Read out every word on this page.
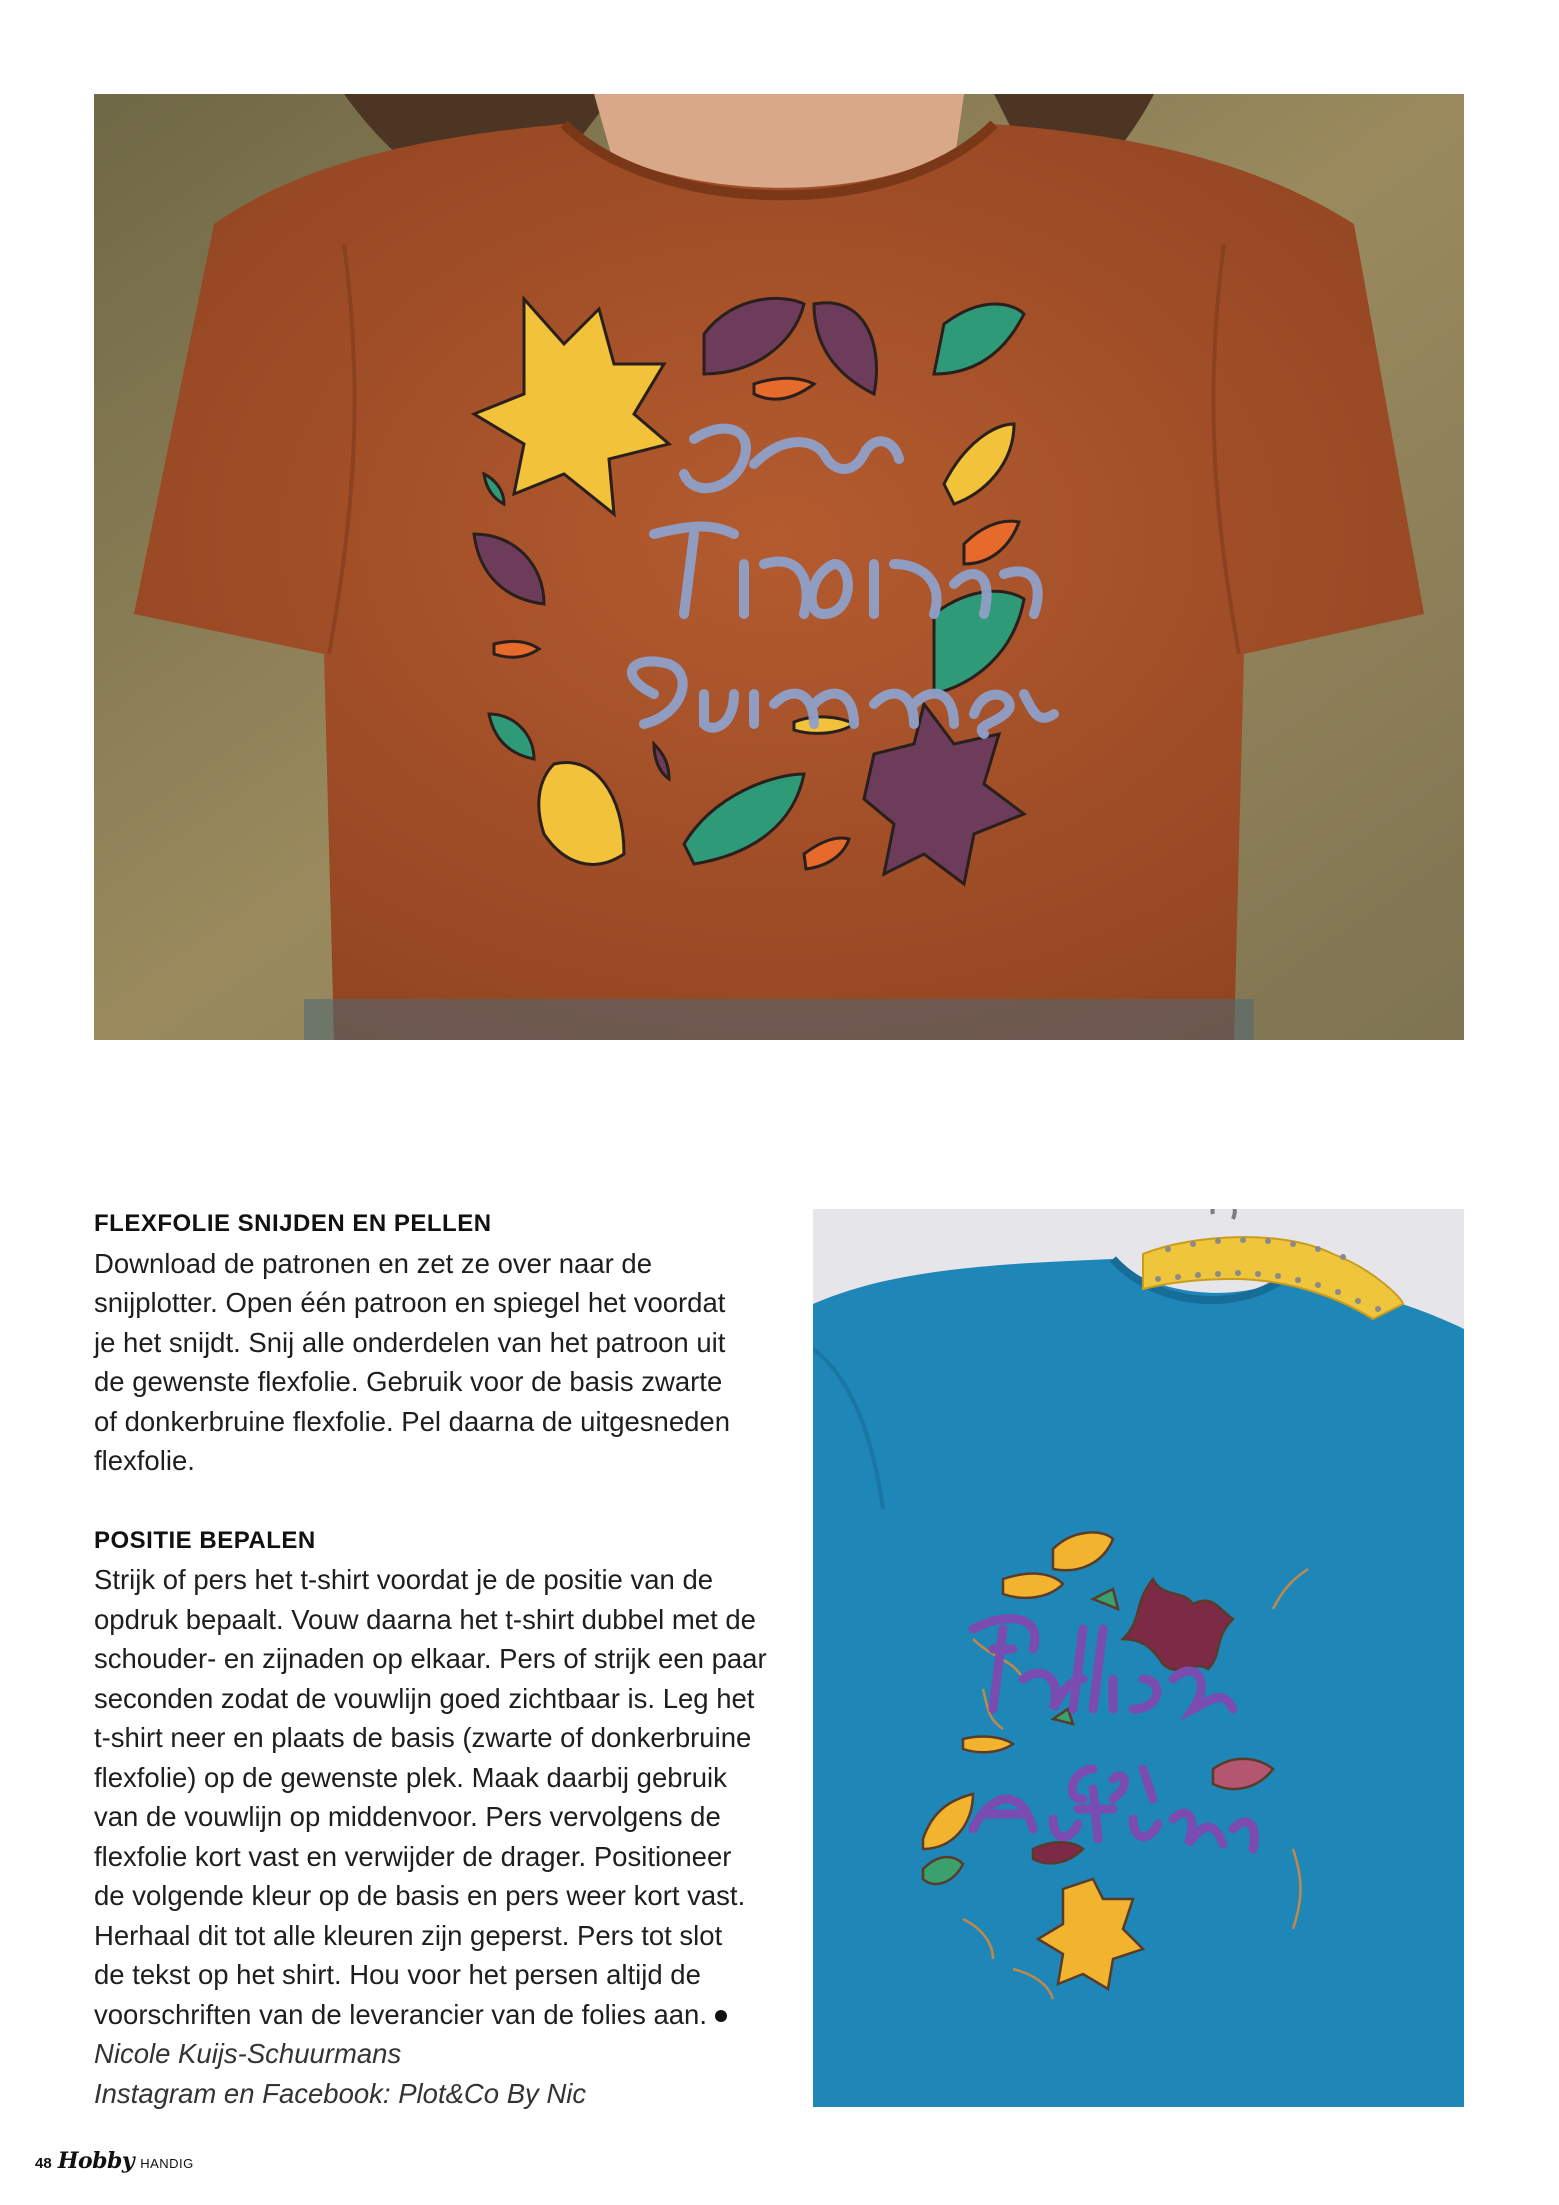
FLEXFOLIE SNIJDEN EN PELLEN

Download de patronen en zet ze over naar de
snijplotter. Open één patroon en spiegel het voordat
je het snijdt. Snij alle onderdelen van het patroon uit
de gewenste flexfolie. Gebruik voor de basis zwarte
of donkerbruine flexfolie. Pel daarna de uitgesneden
flexfolie.

POSITIE BEPALEN

Strijk of pers het t-shirt voordat je de positie van de
opdruk bepaalt. Vouw daarna het t-shirt dubbel met de
schouder- en zijnaden op elkaar. Pers of strijk een paar
seconden zodat de vouwlijn goed zichtbaar is. Leg het
t-shirt neer en plaats de basis (zwarte of donkerbruine
flexfolie) op de gewenste plek. Maak daarbij gebruik
van de vouwlijn op middenvoor. Pers vervolgens de
flexfolie kort vast en verwijder de drager. Positioneer
de volgende kleur op de basis en pers weer kort vast.
Herhaal dit tot alle kleuren zijn geperst. Pers tot slot
de tekst op het shirt. Hou voor het persen altijd de
voorschriften van de leverancier van de folies aan.

Nicole Kuijs-Schuurmans

Instagram en Facebook: Plot&Co By Nic

48 Hobby HANDIG
